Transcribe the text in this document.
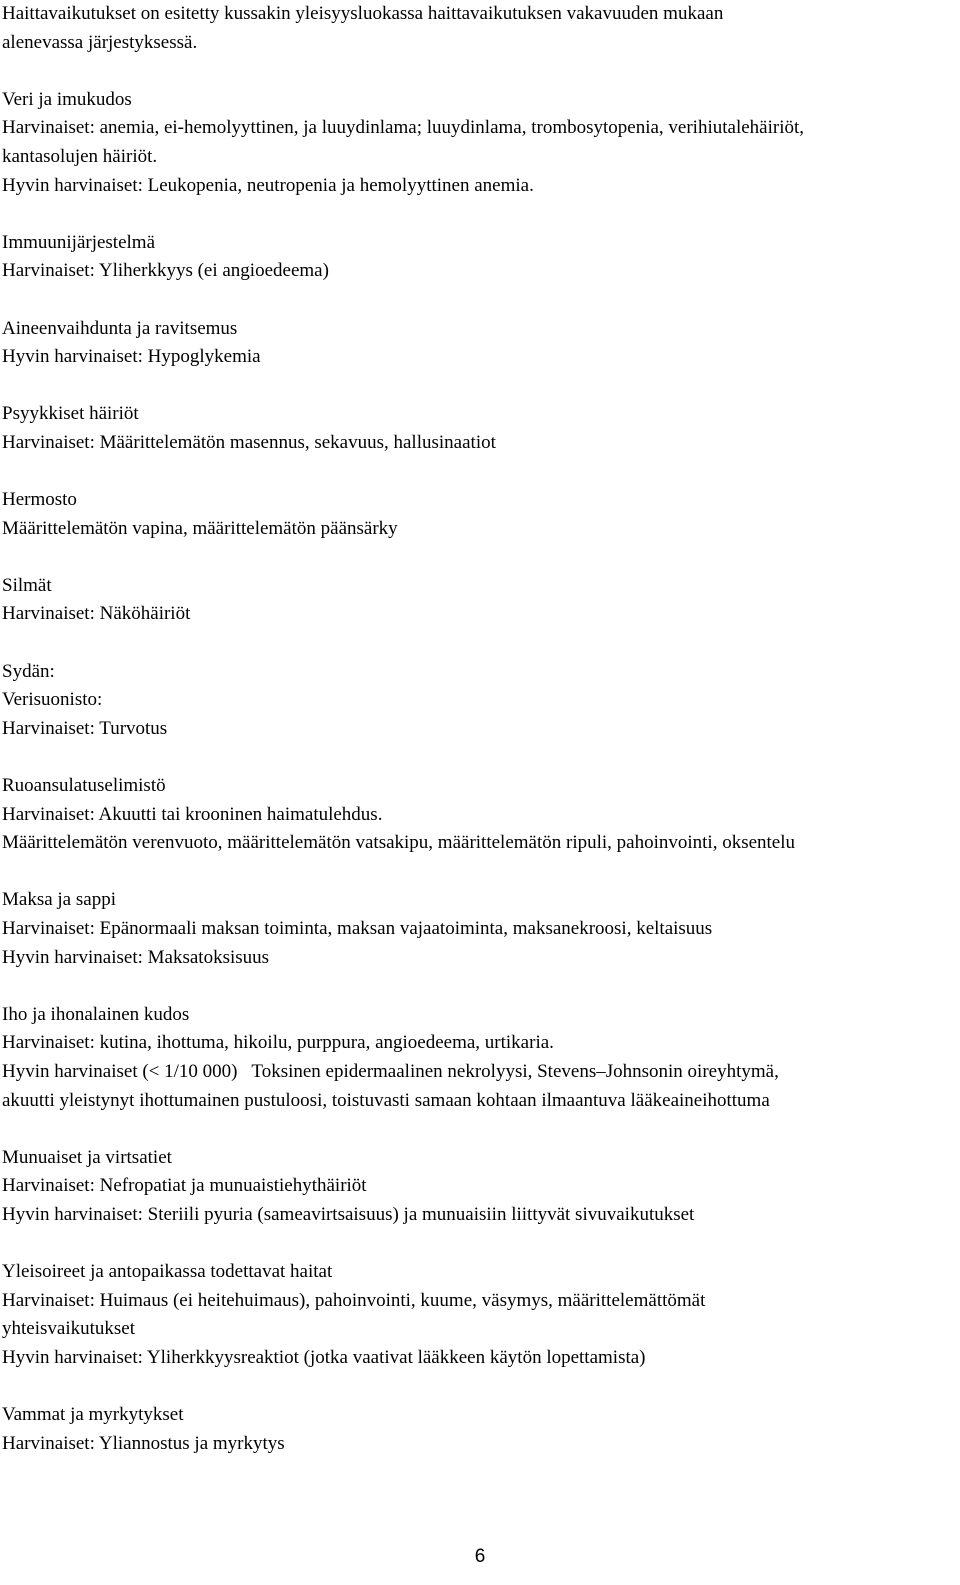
Haittavaikutukset on esitetty kussakin yleisyysluokassa haittavaikutuksen vakavuuden mukaan

alenevassa järjestyksessä.

Veri ja imukudos

Harvinaiset: anemia, ei-hemolyyttinen, ja luuydinlama; luuydinlama, trombosytopenia, verihiutalehäiriöt,

kantasolujen häiriöt.

Hyvin harvinaiset: Leukopenia, neutropenia ja hemolyyttinen anemia.

Immuunijärjestelmä

Harvinaiset: Yliherkkyys (ei angioedeema)

Aineenvaihdunta ja ravitsemus

Hyvin harvinaiset: Hypoglykemia

Psyykkiset häiriöt

Harvinaiset: Määrittelemätön masennus, sekavuus, hallusinaatiot

Hermosto

Määrittelemätön vapina, määrittelemätön päänsärky

Silmät

Harvinaiset: Näköhäiriöt

Sydän:

Verisuonisto:

Harvinaiset: Turvotus

Ruoansulatuselimistö

Harvinaiset: Akuutti tai krooninen haimatulehdus.

Määrittelemätön verenvuoto, määrittelemätön vatsakipu, määrittelemätön ripuli, pahoinvointi, oksentelu

Maksa ja sappi

Harvinaiset: Epänormaali maksan toiminta, maksan vajaatoiminta, maksanekroosi, keltaisuus

Hyvin harvinaiset: Maksatoksisuus

Iho ja ihonalainen kudos

Harvinaiset: kutina, ihottuma, hikoilu, purppura, angioedeema, urtikaria.

Hyvin harvinaiset (< 1/10 000)   Toksinen epidermaalinen nekrolyysi, Stevens–Johnsonin oireyhtymä,

akuutti yleistynyt ihottumainen pustuloosi, toistuvasti samaan kohtaan ilmaantuva lääkeaineihottuma

Munuaiset ja virtsatiet

Harvinaiset: Nefropatiat ja munuaistiehythäiriöt

Hyvin harvinaiset: Steriili pyuria (sameavirtsaisuus) ja munuaisiin liittyvät sivuvaikutukset

Yleisoireet ja antopaikassa todettavat haitat

Harvinaiset: Huimaus (ei heitehuimaus), pahoinvointi, kuume, väsymys, määrittelemättömät

yhteisvaikutukset

Hyvin harvinaiset: Yliherkkyysreaktiot (jotka vaativat lääkkeen käytön lopettamista)

Vammat ja myrkytykset

Harvinaiset: Yliannostus ja myrkytys

6
